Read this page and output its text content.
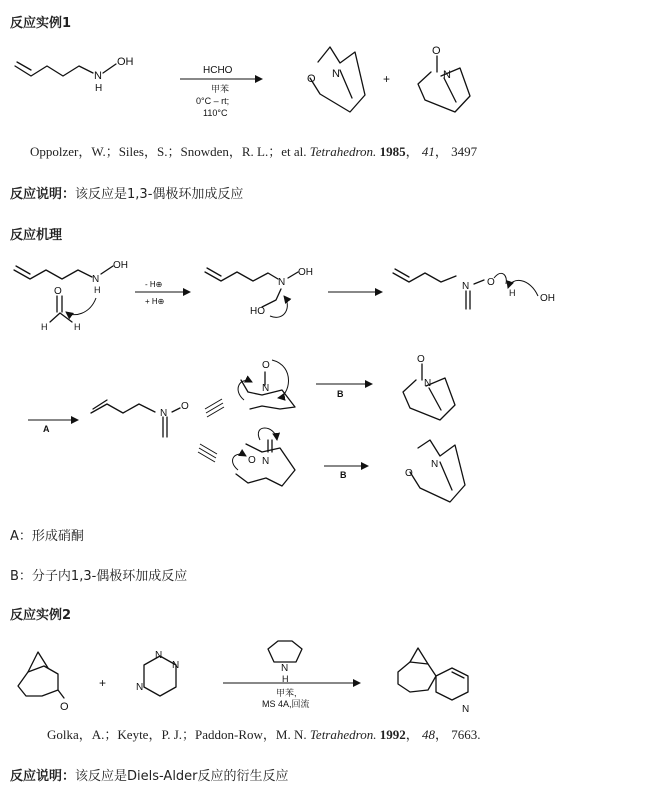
反应实例1
Oppolzer，W.；Siles，S.；Snowden，R. L.；et al. Tetrahedron. 1985， 41， 3497
反应说明：该反应是1,3-偶极环加成反应
反应机理
A：形成硝酮
B：分子内1,3-偶极环加成反应
反应实例2
Golka，A.；Keyte，P. J.；Paddon-Row，M. N. Tetrahedron. 1992， 48， 7663.
反应说明：该反应是Diels-Alder反应的衍生反应
N
H
OH
HCHO
甲苯
0°C – rt;
110°C
O N	+
O
N
N
H
OH
O
H	H
- H⊕
+ H⊕
N
OH
HO
N O
H OH
A
N
O
O
N
O N
B
B
O
N
O
N
O
+
N
N
N
N
H
甲苯,
MS 4A,回流	N
